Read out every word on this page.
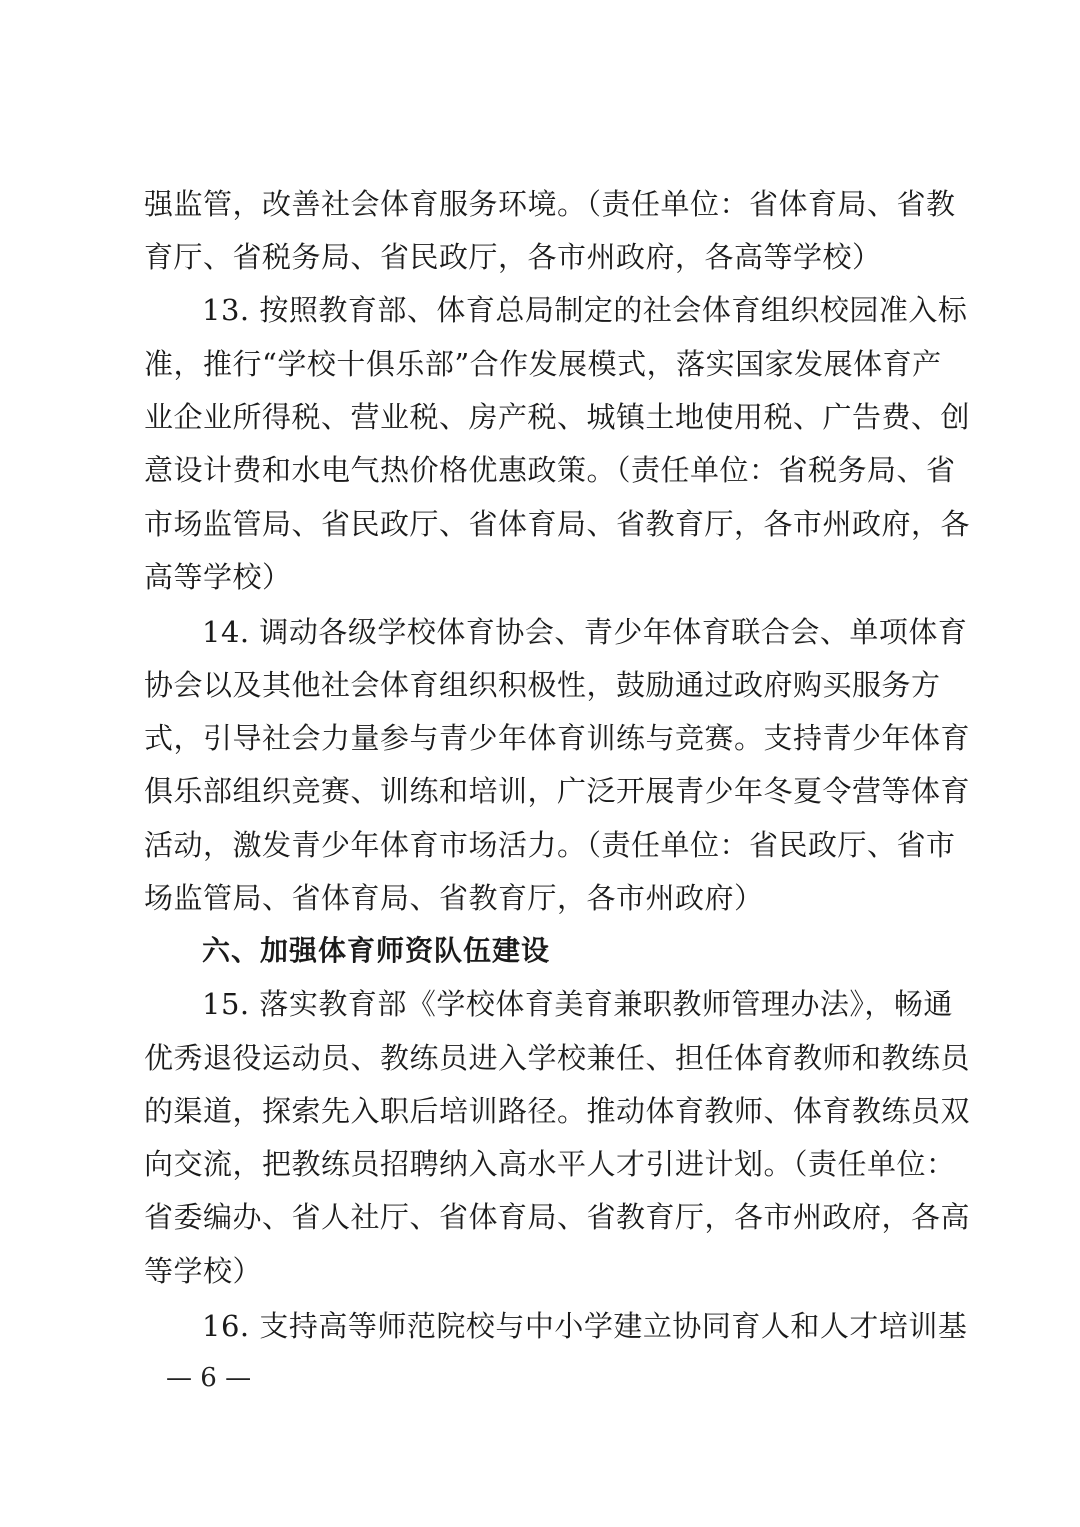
强监管，改善社会体育服务环境。（责任单位：省体育局、省教
育厅、省税务局、省民政厅，各市州政府，各高等学校）
13. 按照教育部、体育总局制定的社会体育组织校园准入标
准，推行“学校十俱乐部”合作发展模式，落实国家发展体育产
业企业所得税、营业税、房产税、城镇土地使用税、广告费、创
意设计费和水电气热价格优惠政策。（责任单位：省税务局、省
市场监管局、省民政厅、省体育局、省教育厅，各市州政府，各
高等学校）
14. 调动各级学校体育协会、青少年体育联合会、单项体育
协会以及其他社会体育组织积极性，鼓励通过政府购买服务方
式，引导社会力量参与青少年体育训练与竞赛。支持青少年体育
俱乐部组织竞赛、训练和培训，广泛开展青少年冬夏令营等体育
活动，激发青少年体育市场活力。（责任单位：省民政厅、省市
场监管局、省体育局、省教育厅，各市州政府）
六、加强体育师资队伍建设
15. 落实教育部《学校体育美育兼职教师管理办法》，畅通
优秀退役运动员、教练员进入学校兼任、担任体育教师和教练员
的渠道，探索先入职后培训路径。推动体育教师、体育教练员双
向交流，把教练员招聘纳入高水平人才引进计划。（责任单位：
省委编办、省人社厅、省体育局、省教育厅，各市州政府，各高
等学校）
16. 支持高等师范院校与中小学建立协同育人和人才培训基
— 6 —
